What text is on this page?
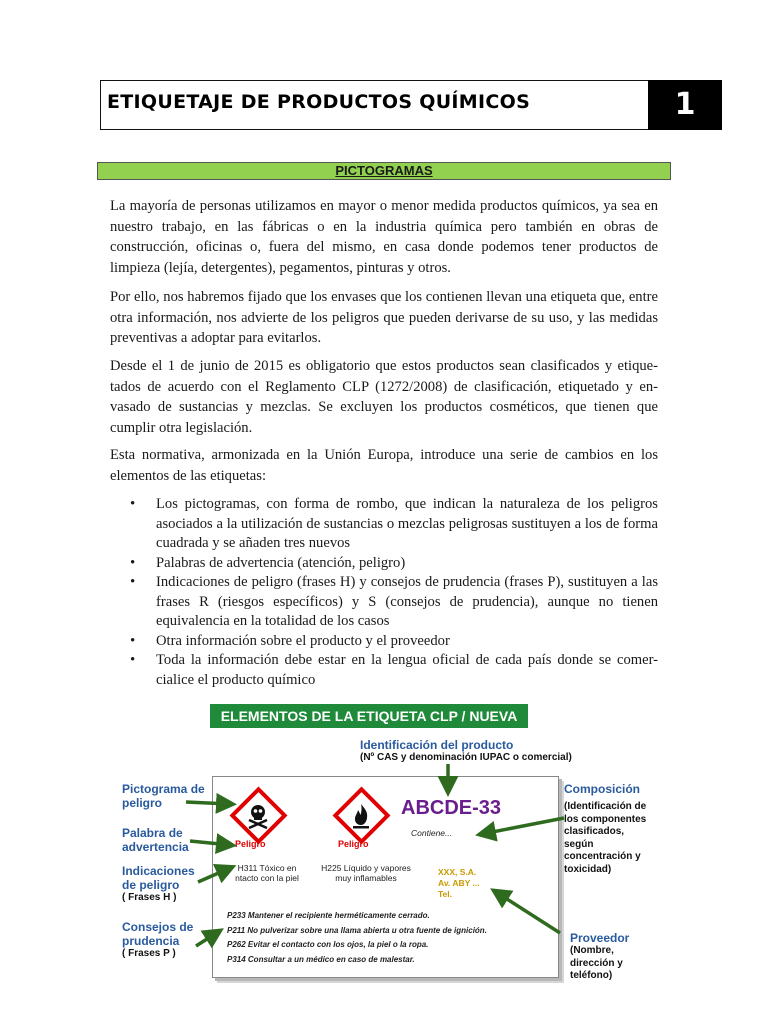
ETIQUETAJE DE PRODUCTOS QUÍMICOS	1
PICTOGRAMAS

La mayoría de personas utilizamos en mayor o menor medida productos químicos, ya sea en nuestro trabajo, en las fábricas o en la industria química pero también en obras de construcción, oficinas o, fuera del mismo, en casa donde podemos tener productos de limpieza (lejía, detergentes), pegamentos, pinturas y otros.

Por ello, nos habremos fijado que los envases que los contienen llevan una etiqueta que, entre otra información, nos advierte de los peligros que pueden derivarse de su uso, y las medidas preventivas a adoptar para evitarlos.

Desde el 1 de junio de 2015 es obligatorio que estos productos sean clasificados y etique-tados de acuerdo con el Reglamento CLP (1272/2008) de clasificación, etiquetado y en-vasado de sustancias y mezclas. Se excluyen los productos cosméticos, que tienen que cumplir otra legislación.

Esta normativa, armonizada en la Unión Europa, introduce una serie de cambios en los elementos de las etiquetas:

• Los pictogramas, con forma de rombo, que indican la naturaleza de los peligros asociados a la utilización de sustancias o mezclas peligrosas sustituyen a los de forma cuadrada y se añaden tres nuevos
• Palabras de advertencia (atención, peligro)
• Indicaciones de peligro (frases H) y consejos de prudencia (frases P), sustituyen a las frases R (riesgos específicos) y S (consejos de prudencia), aunque no tienen equivalencia en la totalidad de los casos
• Otra información sobre el producto y el proveedor
• Toda la información debe estar en la lengua oficial de cada país donde se comer-cialice el producto químico
ELEMENTOS DE LA ETIQUETA CLP / NUEVA
Identificación del producto
(Nº CAS y denominación IUPAC o comercial)
Pictograma de
peligro
Palabra de
advertencia
Indicaciones
de peligro
( Frases H )
Consejos de
prudencia
( Frases P )
Composición
(Identificación de
los componentes
clasificados,
según
concentración y
toxicidad)
Proveedor
(Nombre,
dirección y
teléfono)
Peligro	Peligro
ABCDE-33
Contiene...
H311 Tóxico en
ntacto con la piel
H225 Líquido y vapores
muy inflamables
XXX, S.A.
Av. ABY ...
Tel.
P233 Mantener el recipiente herméticamente cerrado.
P211 No pulverizar sobre una llama abierta u otra fuente de ignición.
P262 Evitar el contacto con los ojos, la piel o la ropa.
P314 Consultar a un médico en caso de malestar.
